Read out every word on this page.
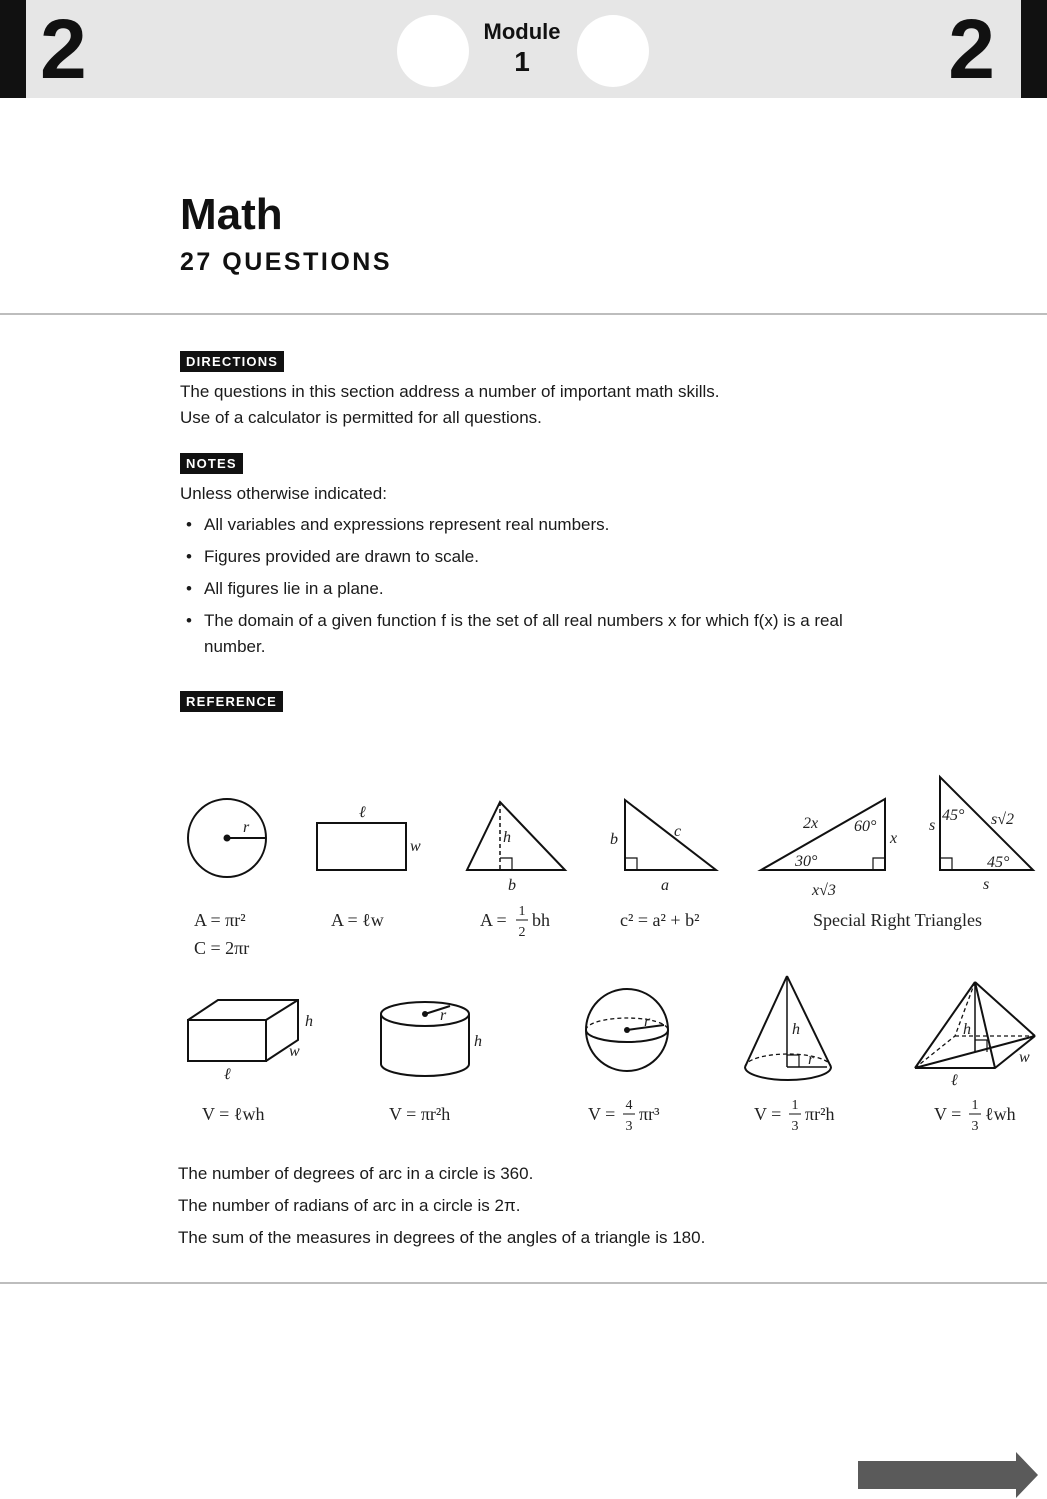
2	Module
1	2
Math
27 QUESTIONS
DIRECTIONS
The questions in this section address a number of important math skills.
Use of a calculator is permitted for all questions.
NOTES
Unless otherwise indicated:
• All variables and expressions represent real numbers.
• Figures provided are drawn to scale.
• All figures lie in a plane.
• The domain of a given function f is the set of all real numbers x for which f(x) is a real number.
REFERENCE
r
ℓ
w
h
b
b	c
a
2x 60°
x
30°
x√3
s
45° s√2
45°
s
h
w
ℓ
r
h
r	h
r
h
w
ℓ
A = πr²
C = 2πr
A = ℓw	A = 1
2
bh	c² = a² + b²	Special Right Triangles
V = ℓwh	V = πr²h	V = 4
3
πr³	V = 1
3
πr²h	V = 1
3
ℓwh
The number of degrees of arc in a circle is 360.
The number of radians of arc in a circle is 2π.
The sum of the measures in degrees of the angles of a triangle is 180.
